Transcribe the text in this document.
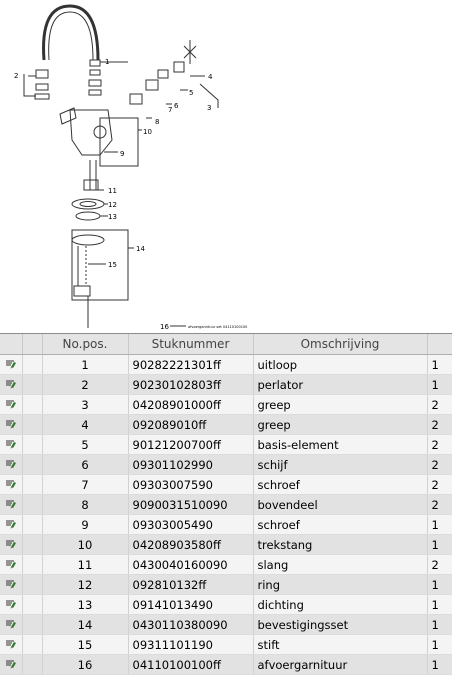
1
2
3
4
5
6
7
8
9
10
11
12
13
14
15
16	afvoergarnituur set 04110100100
		No.pos.	Stuknummer	Omschrijving	
		1	90282221301ff	uitloop	1
		2	90230102803ff	perlator	1
		3	04208901000ff	greep	2
		4	092089010ff	greep	2
		5	90121200700ff	basis-element	2
		6	09301102990	schijf	2
		7	09303007590	schroef	2
		8	9090031510090	bovendeel	2
		9	09303005490	schroef	1
		10	04208903580ff	trekstang	1
		11	0430040160090	slang	2
		12	092810132ff	ring	1
		13	09141013490	dichting	1
		14	0430110380090	bevestigingsset	1
		15	09311101190	stift	1
		16	04110100100ff	afvoergarnituur	1
